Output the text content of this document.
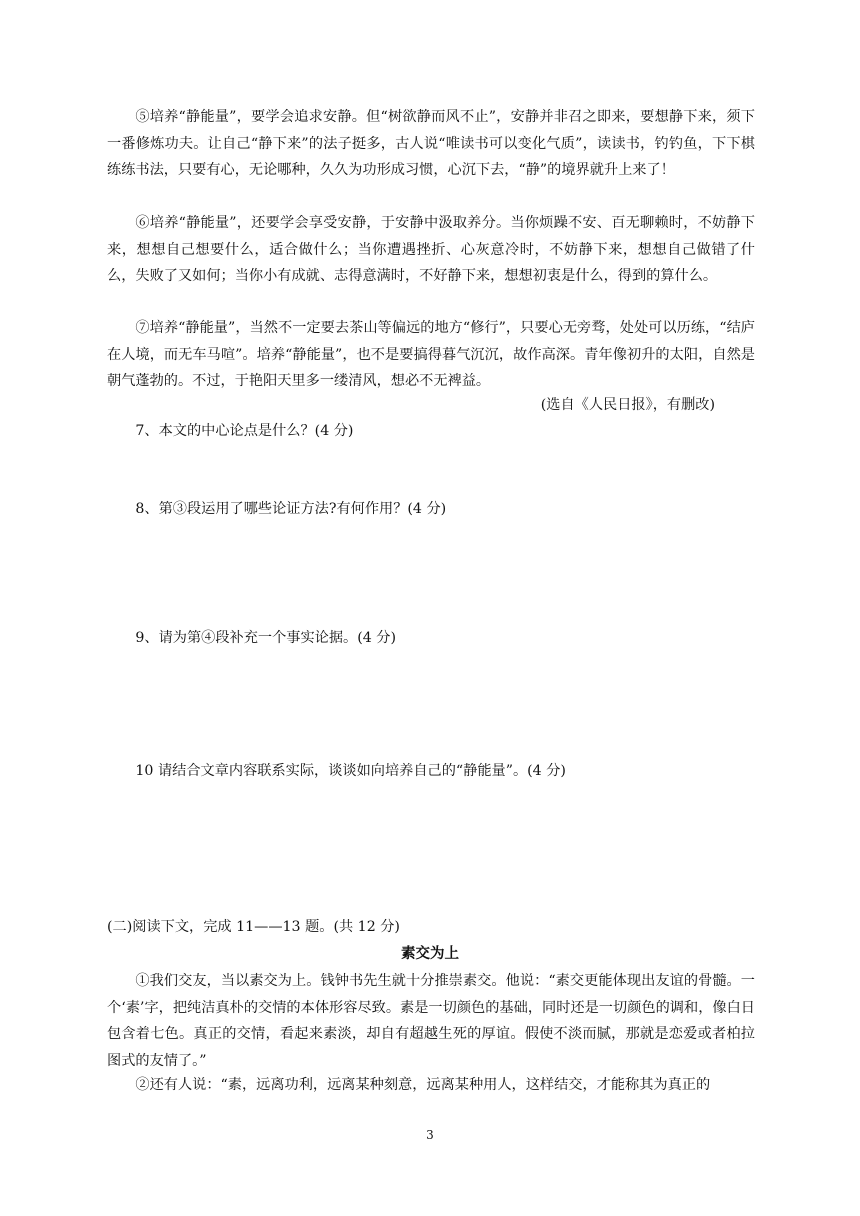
⑤培养“静能量”，要学会追求安静。但“树欲静而风不止”，安静并非召之即来，要想静下来，须下一番修炼功夫。让自己“静下来”的法子挺多，古人说“唯读书可以变化气质”，读读书，钓钓鱼，下下棋练练书法，只要有心，无论哪种，久久为功形成习惯，心沉下去，“静”的境界就升上来了！

⑥培养“静能量”，还要学会享受安静，于安静中汲取养分。当你烦躁不安、百无聊赖时，不妨静下来，想想自己想要什么，适合做什么；当你遭遇挫折、心灰意冷时，不妨静下来，想想自己做错了什么，失败了又如何；当你小有成就、志得意满时，不好静下来，想想初衷是什么，得到的算什么。

⑦培养“静能量”，当然不一定要去茶山等偏远的地方“修行”，只要心无旁骛，处处可以历练，“结庐在人境，而无车马喧”。培养“静能量”，也不是要搞得暮气沉沉，故作高深。青年像初升的太阳，自然是朝气蓬勃的。不过，于艳阳天里多一缕清风，想必不无裨益。

(选自《人民日报》，有删改)

7、本文的中心论点是什么？(4 分)

8、第③段运用了哪些论证方法?有何作用？(4 分)

9、请为第④段补充一个事实论据。(4 分)

10 请结合文章内容联系实际，谈谈如向培养自己的“静能量”。(4 分)

(二)阅读下文，完成 11——13 题。(共 12 分)

素交为上

①我们交友，当以素交为上。钱钟书先生就十分推崇素交。他说：“素交更能体现出友谊的骨髓。一个‘素’字，把纯洁真朴的交情的本体形容尽致。素是一切颜色的基础，同时还是一切颜色的调和，像白日包含着七色。真正的交情，看起来素淡，却自有超越生死的厚谊。假使不淡而腻，那就是恋爱或者柏拉图式的友情了。”

②还有人说：“素，远离功利，远离某种刻意，远离某种用人，这样结交，才能称其为真正的

3
